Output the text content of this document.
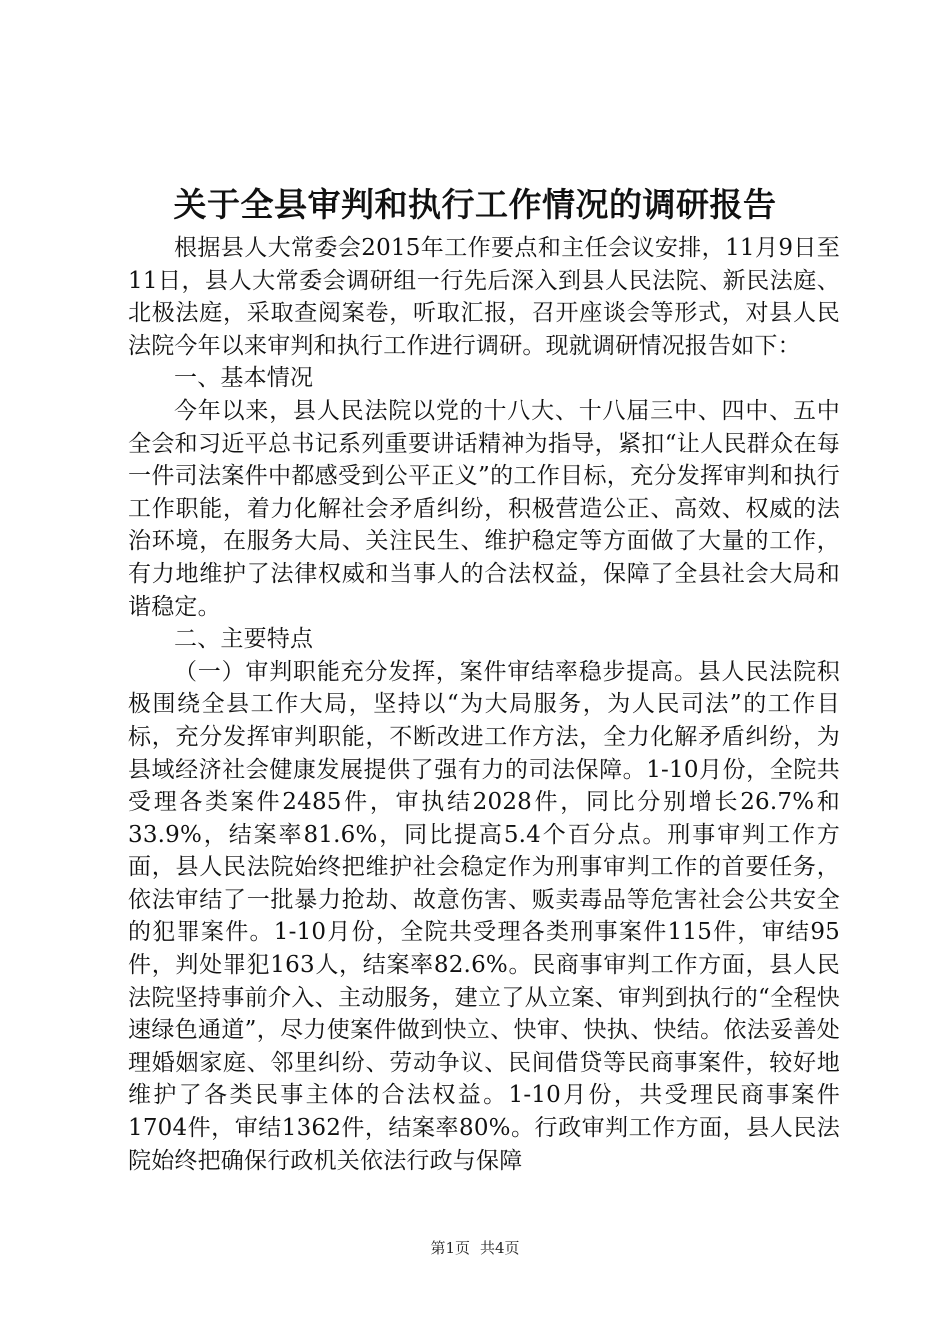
关于全县审判和执行工作情况的调研报告

根据县人大常委会2015年工作要点和主任会议安排，11月9日至11日，县人大常委会调研组一行先后深入到县人民法院、新民法庭、北极法庭，采取查阅案卷，听取汇报，召开座谈会等形式，对县人民法院今年以来审判和执行工作进行调研。现就调研情况报告如下：

一、基本情况

今年以来，县人民法院以党的十八大、十八届三中、四中、五中全会和习近平总书记系列重要讲话精神为指导，紧扣“让人民群众在每一件司法案件中都感受到公平正义”的工作目标，充分发挥审判和执行工作职能，着力化解社会矛盾纠纷，积极营造公正、高效、权威的法治环境，在服务大局、关注民生、维护稳定等方面做了大量的工作，有力地维护了法律权威和当事人的合法权益，保障了全县社会大局和谐稳定。

二、主要特点

（一）审判职能充分发挥，案件审结率稳步提高。县人民法院积极围绕全县工作大局，坚持以“为大局服务，为人民司法”的工作目标，充分发挥审判职能，不断改进工作方法，全力化解矛盾纠纷，为县域经济社会健康发展提供了强有力的司法保障。1-10月份，全院共受理各类案件2485件，审执结2028件，同比分别增长26.7%和33.9%，结案率81.6%，同比提高5.4个百分点。刑事审判工作方面，县人民法院始终把维护社会稳定作为刑事审判工作的首要任务，依法审结了一批暴力抢劫、故意伤害、贩卖毒品等危害社会公共安全的犯罪案件。1-10月份，全院共受理各类刑事案件115件，审结95件，判处罪犯163人，结案率82.6%。民商事审判工作方面，县人民法院坚持事前介入、主动服务，建立了从立案、审判到执行的“全程快速绿色通道”，尽力使案件做到快立、快审、快执、快结。依法妥善处理婚姻家庭、邻里纠纷、劳动争议、民间借贷等民商事案件，较好地维护了各类民事主体的合法权益。1-10月份，共受理民商事案件1704件，审结1362件，结案率80%。行政审判工作方面，县人民法院始终把确保行政机关依法行政与保障

第1页 共4页
